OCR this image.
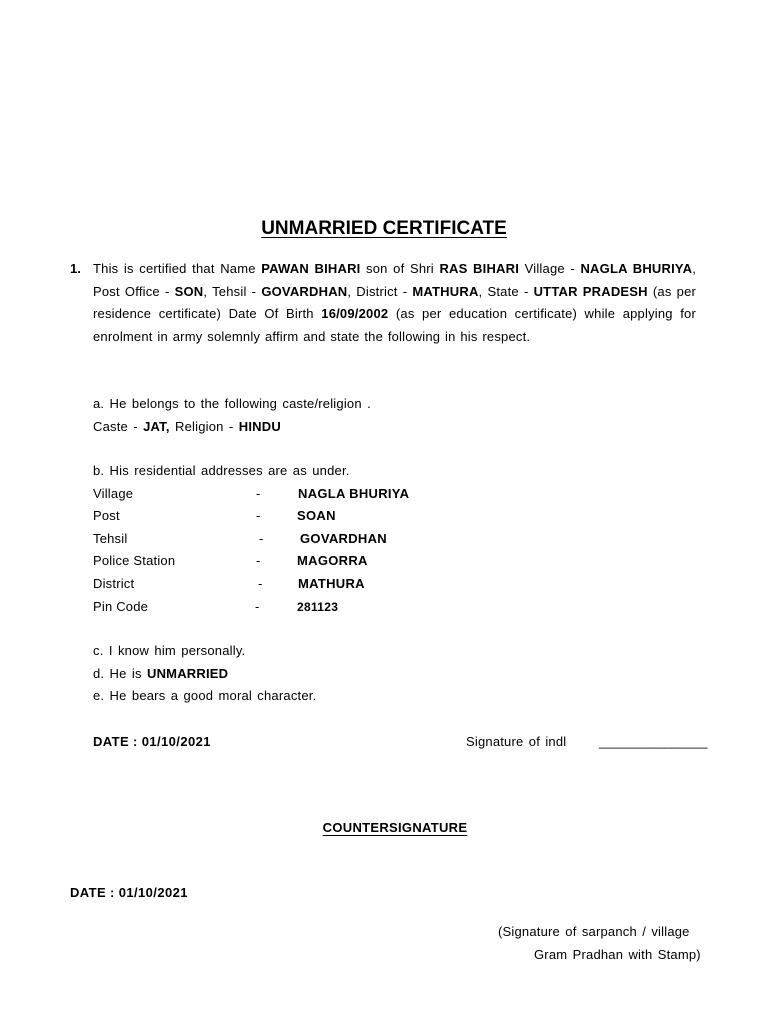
UNMARRIED CERTIFICATE
1. This is certified that Name PAWAN BIHARI son of Shri RAS BIHARI Village - NAGLA BHURIYA, Post Office - SON, Tehsil - GOVARDHAN, District - MATHURA, State - UTTAR PRADESH (as per residence certificate) Date Of Birth 16/09/2002 (as per education certificate) while applying for enrolment in army solemnly affirm and state the following in his respect.
a. He belongs to the following caste/religion .
Caste - JAT, Religion - HINDU
b. His residential addresses are as under.
Village	-	NAGLA BHURIYA
Post	-	SOAN
Tehsil	-	GOVARDHAN
Police Station	-	MAGORRA
District	-	MATHURA
Pin Code	-	281123
c. I know him personally.
d. He is UNMARRIED
e. He bears a good moral character.
DATE : 01/10/2021	Signature of indl	_______________
COUNTERSIGNATURE
DATE : 01/10/2021
(Signature of sarpanch / village
Gram Pradhan with Stamp)
